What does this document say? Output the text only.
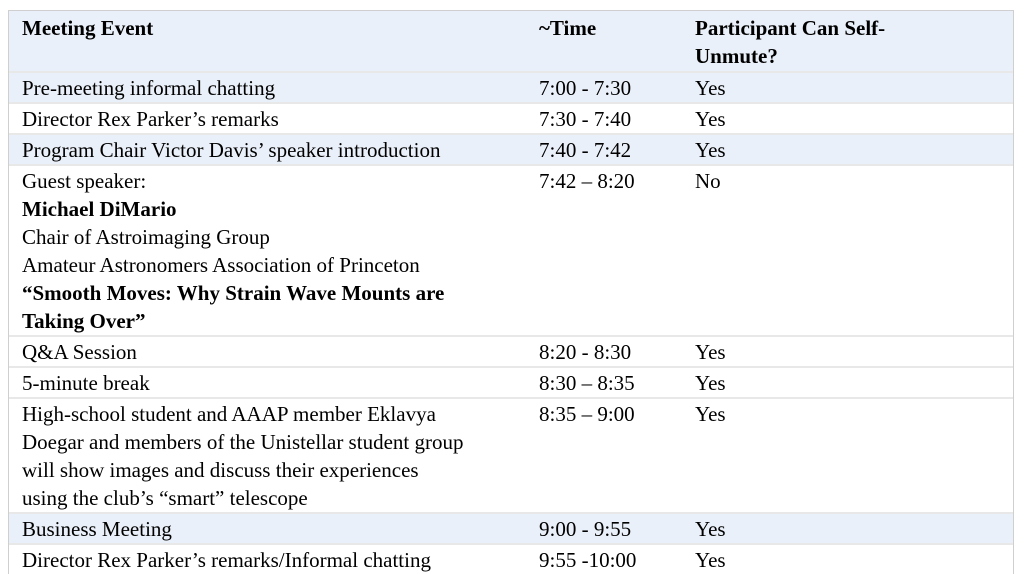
Meeting Event	~Time	Participant Can Self-Unmute?

Pre-meeting informal chatting	7:00 - 7:30	Yes

Director Rex Parker’s remarks	7:30 - 7:40	Yes

Program Chair Victor Davis’ speaker introduction	7:40 - 7:42	Yes

Guest speaker:
Michael DiMario
Chair of Astroimaging Group
Amateur Astronomers Association of Princeton
“Smooth Moves: Why Strain Wave Mounts are
Taking Over”
	7:42 – 8:20	No

Q&A Session	8:20 - 8:30	Yes

5-minute break	8:30 – 8:35	Yes

High-school student and AAAP member Eklavya
Doegar and members of the Unistellar student group
will show images and discuss their experiences
using the club’s “smart” telescope	8:35 – 9:00	Yes

Business Meeting	9:00 - 9:55	Yes

Director Rex Parker’s remarks/Informal chatting	9:55 -10:00	Yes
